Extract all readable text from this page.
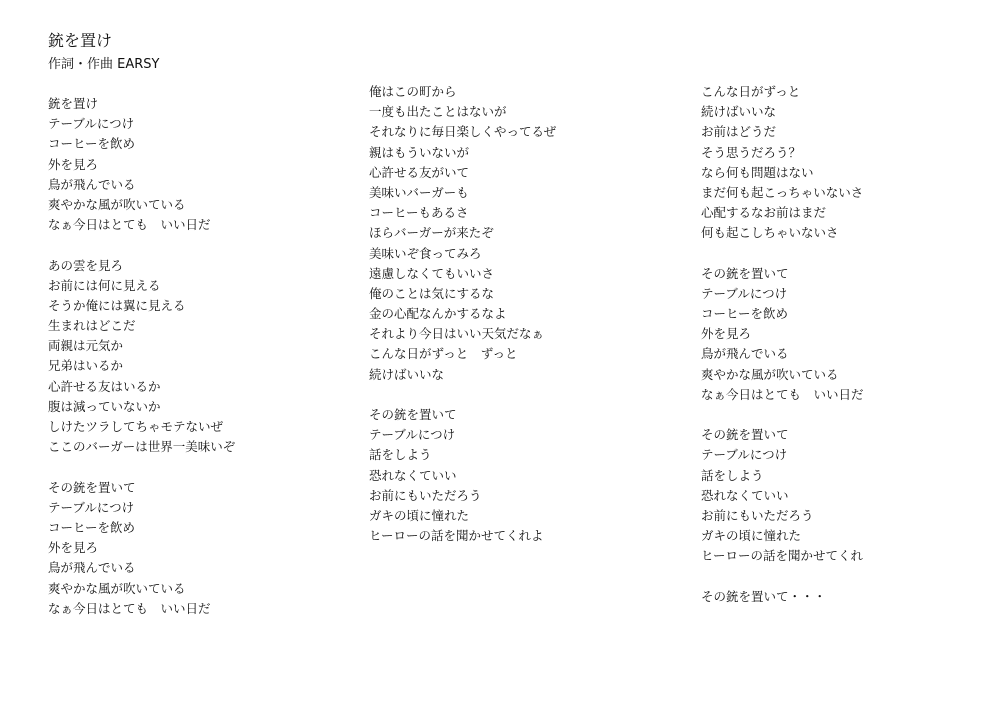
銃を置け
作詞・作曲 EARSY
銃を置け
テーブルにつけ
コーヒーを飲め
外を見ろ
鳥が飛んでいる
爽やかな風が吹いている
なぁ今日はとても　いい日だ
あの雲を見ろ
お前には何に見える
そうか俺には翼に見える
生まれはどこだ
両親は元気か
兄弟はいるか
心許せる友はいるか
腹は減っていないか
しけたツラしてちゃモテないぜ
ここのバーガーは世界一美味いぞ
その銃を置いて
テーブルにつけ
コーヒーを飲め
外を見ろ
鳥が飛んでいる
爽やかな風が吹いている
なぁ今日はとても　いい日だ
俺はこの町から
一度も出たことはないが
それなりに毎日楽しくやってるぜ
親はもういないが
心許せる友がいて
美味いバーガーも
コーヒーもあるさ
ほらバーガーが来たぞ
美味いぞ食ってみろ
遠慮しなくてもいいさ
俺のことは気にするな
金の心配なんかするなよ
それより今日はいい天気だなぁ
こんな日がずっと　ずっと
続けばいいな
その銃を置いて
テーブルにつけ
話をしよう
恐れなくていい
お前にもいただろう
ガキの頃に憧れた
ヒーローの話を聞かせてくれよ
こんな日がずっと
続けばいいな
お前はどうだ
そう思うだろう？
なら何も問題はない
まだ何も起こっちゃいないさ
心配するなお前はまだ
何も起こしちゃいないさ
その銃を置いて
テーブルにつけ
コーヒーを飲め
外を見ろ
鳥が飛んでいる
爽やかな風が吹いている
なぁ今日はとても　いい日だ
その銃を置いて
テーブルにつけ
話をしよう
恐れなくていい
お前にもいただろう
ガキの頃に憧れた
ヒーローの話を聞かせてくれ
その銃を置いて・・・
